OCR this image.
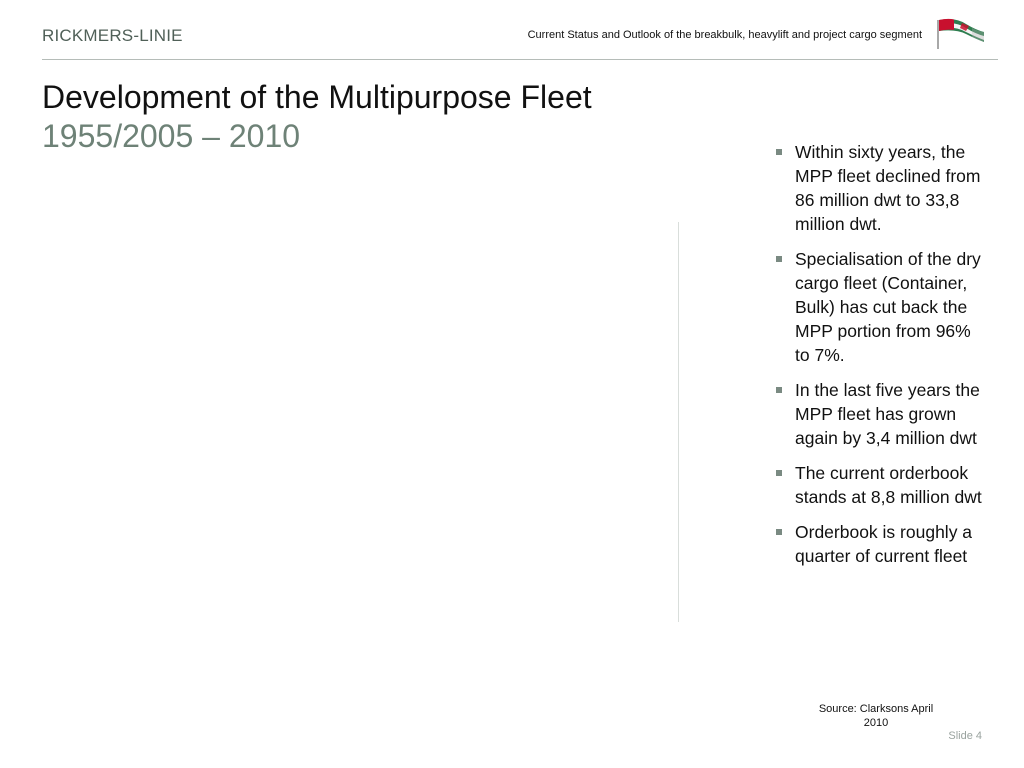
RICKMERS-LINIE	Current Status and Outlook of the breakbulk, heavylift and project cargo segment
Development of the Multipurpose Fleet
1955/2005 – 2010	Within sixty years, the MPP fleet declined from 86 million dwt to 33,8 million dwt.
Specialisation of the dry cargo fleet (Container, Bulk) has cut back the MPP portion from 96% to 7%.
In the last five years the MPP fleet has grown again by 3,4 million dwt
The current orderbook stands at 8,8 million dwt
Orderbook is roughly a quarter of current fleet
Source: Clarksons April 2010
Slide 4
